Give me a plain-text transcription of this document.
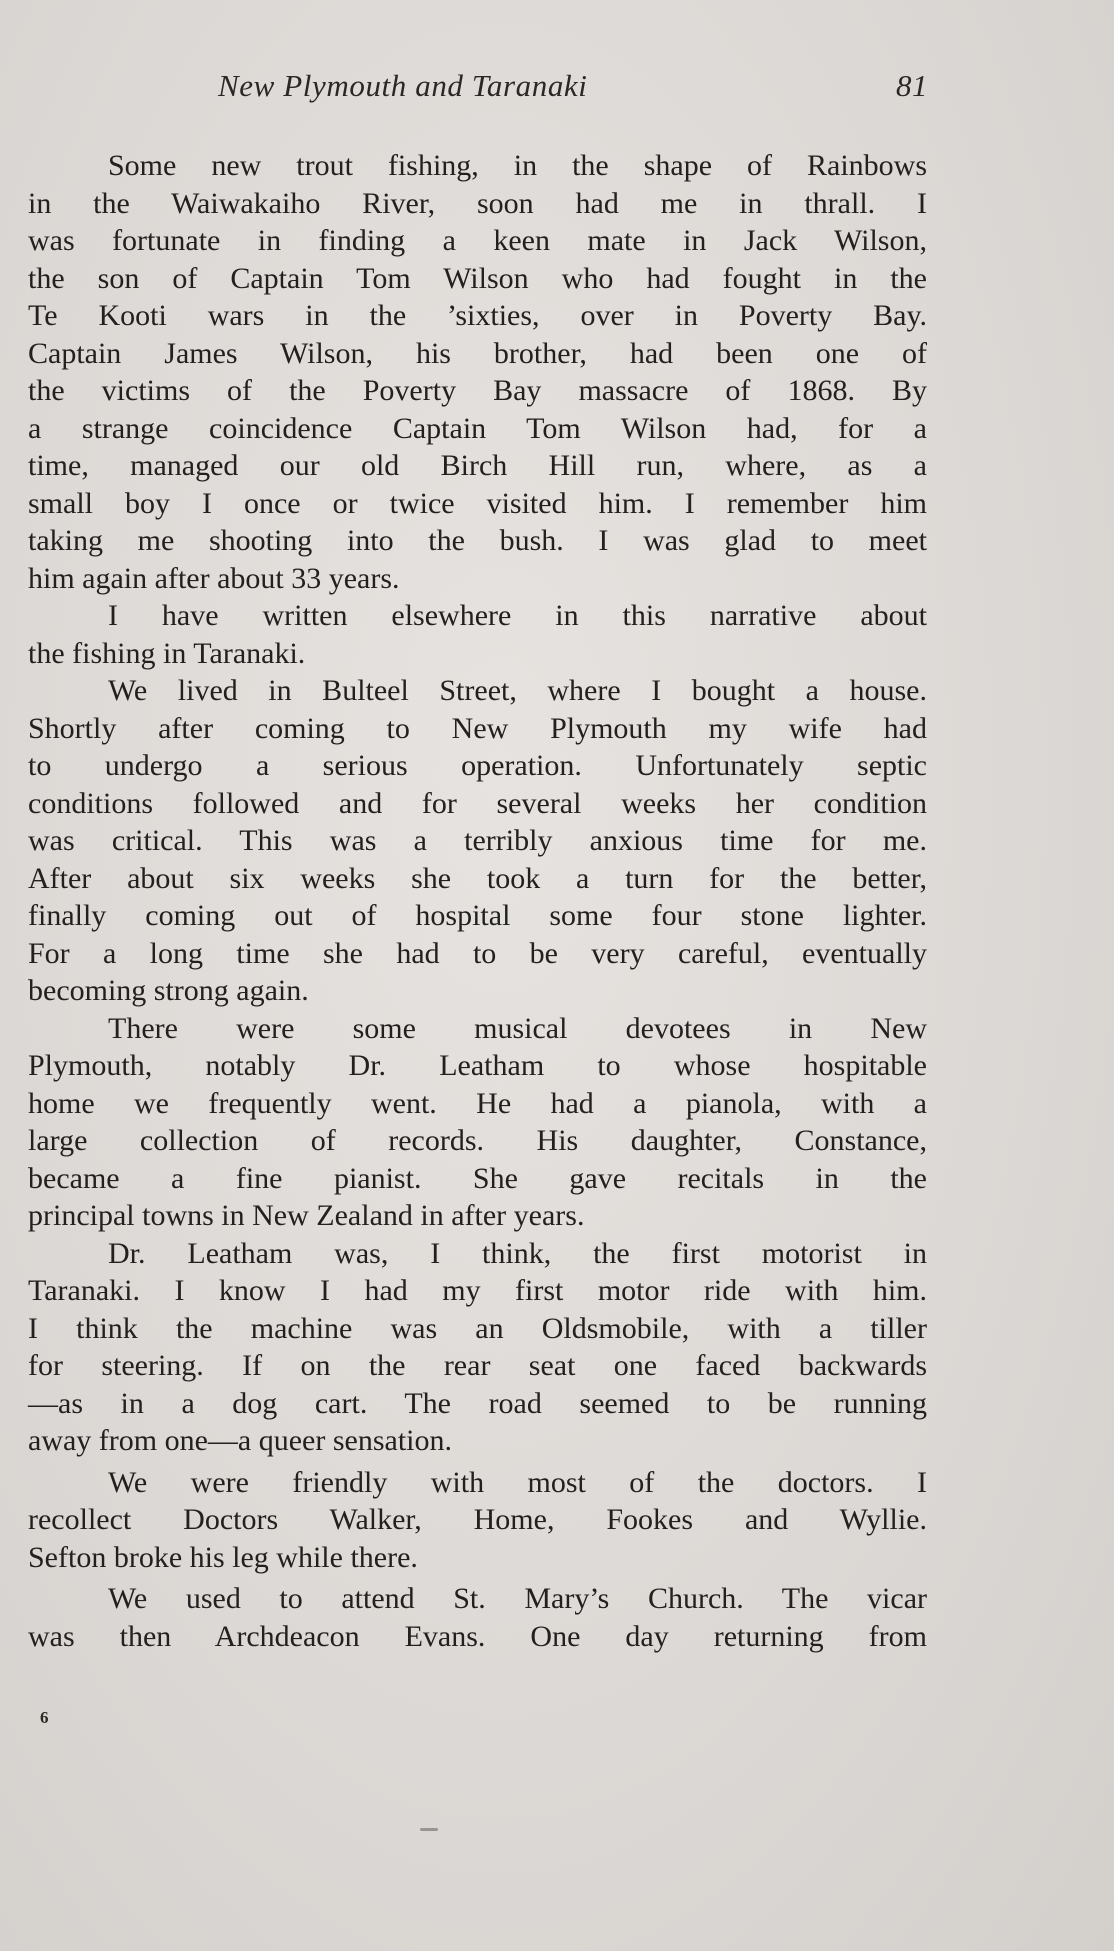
New Plymouth and Taranaki	81
Some new trout fishing, in the shape of Rainbows
in the Waiwakaiho River, soon had me in thrall. I
was fortunate in finding a keen mate in Jack Wilson,
the son of Captain Tom Wilson who had fought in the
Te Kooti wars in the ’sixties, over in Poverty Bay.
Captain James Wilson, his brother, had been one of
the victims of the Poverty Bay massacre of 1868. By
a strange coincidence Captain Tom Wilson had, for a
time, managed our old Birch Hill run, where, as a
small boy I once or twice visited him. I remember him
taking me shooting into the bush. I was glad to meet
him again after about 33 years.
I have written elsewhere in this narrative about
the fishing in Taranaki.
We lived in Bulteel Street, where I bought a house.
Shortly after coming to New Plymouth my wife had
to undergo a serious operation. Unfortunately septic
conditions followed and for several weeks her condition
was critical. This was a terribly anxious time for me.
After about six weeks she took a turn for the better,
finally coming out of hospital some four stone lighter.
For a long time she had to be very careful, eventually
becoming strong again.
There were some musical devotees in New
Plymouth, notably Dr. Leatham to whose hospitable
home we frequently went. He had a pianola, with a
large collection of records. His daughter, Constance,
became a fine pianist. She gave recitals in the
principal towns in New Zealand in after years.
Dr. Leatham was, I think, the first motorist in
Taranaki. I know I had my first motor ride with him.
I think the machine was an Oldsmobile, with a tiller
for steering. If on the rear seat one faced backwards
—as in a dog cart. The road seemed to be running
away from one—a queer sensation.
We were friendly with most of the doctors. I
recollect Doctors Walker, Home, Fookes and Wyllie.
Sefton broke his leg while there.
We used to attend St. Mary’s Church. The vicar
was then Archdeacon Evans. One day returning from
6
